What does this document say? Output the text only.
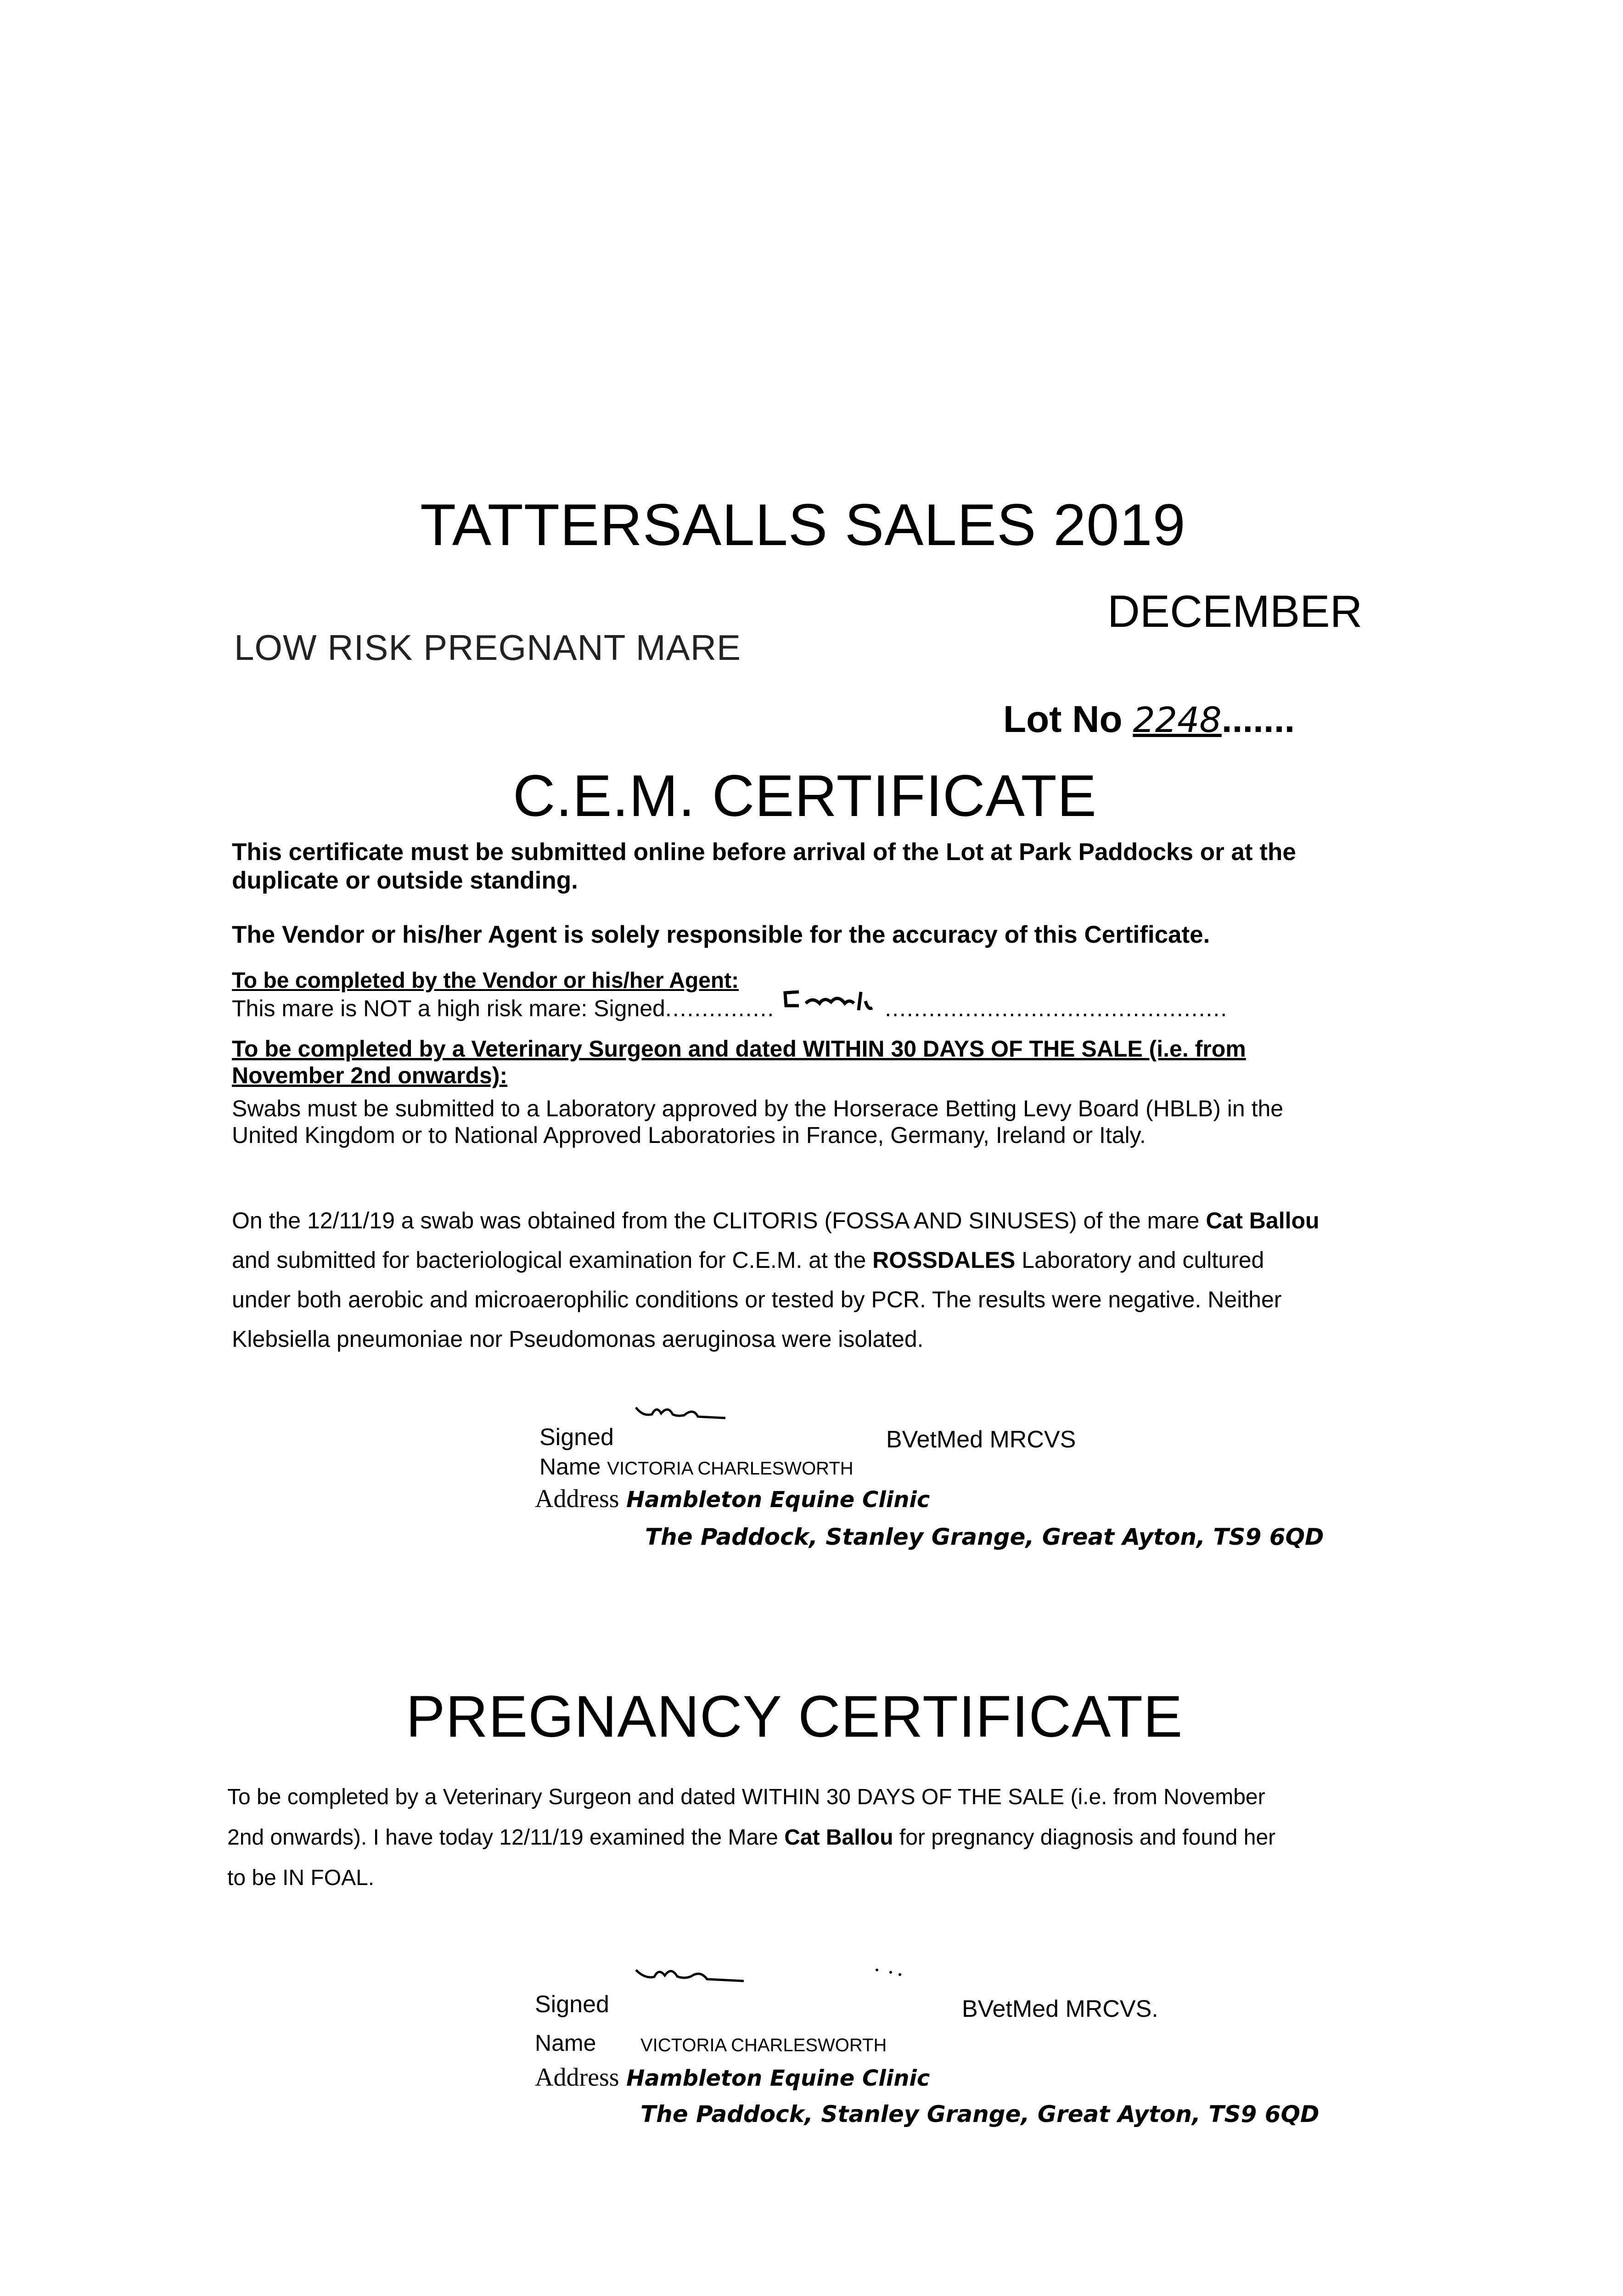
TATTERSALLS SALES 2019
DECEMBER
LOW RISK PREGNANT MARE
Lot No 2248.......
C.E.M. CERTIFICATE
This certificate must be submitted online before arrival of the Lot at Park Paddocks or at the duplicate or outside standing.
The Vendor or his/her Agent is solely responsible for the accuracy of this Certificate.
To be completed by the Vendor or his/her Agent:
This mare is NOT a high risk mare: Signed...............	...............................................
To be completed by a Veterinary Surgeon and dated WITHIN 30 DAYS OF THE SALE (i.e. from November 2nd onwards):
Swabs must be submitted to a Laboratory approved by the Horserace Betting Levy Board (HBLB) in the United Kingdom or to National Approved Laboratories in France, Germany, Ireland or Italy.
On the 12/11/19 a swab was obtained from the CLITORIS (FOSSA AND SINUSES) of the mare Cat Ballou and submitted for bacteriological examination for C.E.M. at the ROSSDALES Laboratory and cultured under both aerobic and microaerophilic conditions or tested by PCR. The results were negative. Neither Klebsiella pneumoniae nor Pseudomonas aeruginosa were isolated.
Signed	BVetMed MRCVS
Name VICTORIA CHARLESWORTH
Address Hambleton Equine Clinic
The Paddock, Stanley Grange, Great Ayton, TS9 6QD
PREGNANCY CERTIFICATE
To be completed by a Veterinary Surgeon and dated WITHIN 30 DAYS OF THE SALE (i.e. from November 2nd onwards). I have today 12/11/19 examined the Mare Cat Ballou for pregnancy diagnosis and found her to be IN FOAL.
Signed	BVetMed MRCVS.
Name VICTORIA CHARLESWORTH
Address Hambleton Equine Clinic
The Paddock, Stanley Grange, Great Ayton, TS9 6QD
